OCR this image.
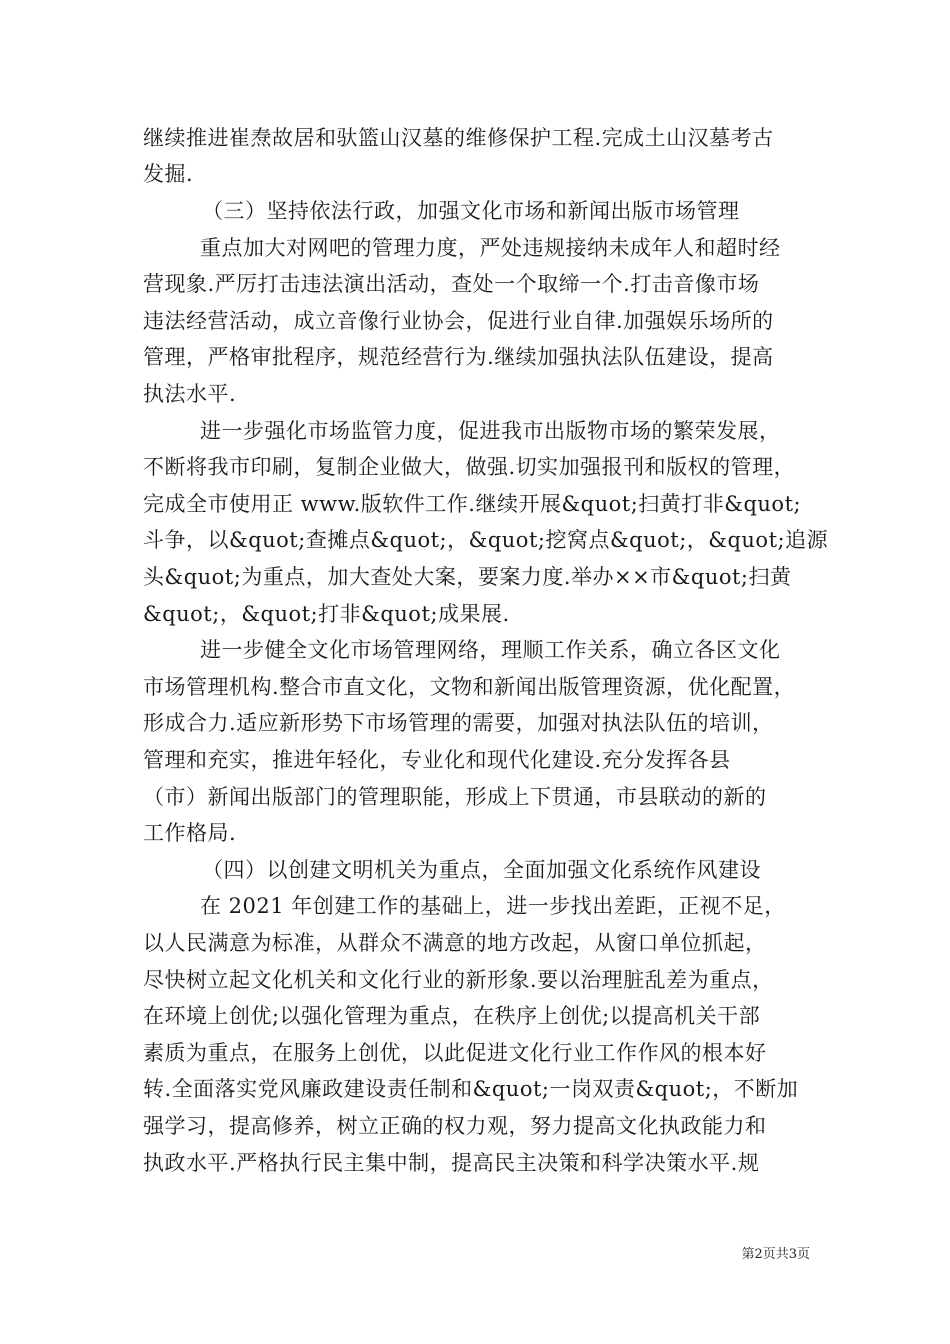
继续推进崔焘故居和驮篮山汉墓的维修保护工程.完成土山汉墓考古
发掘.
（三）坚持依法行政，加强文化市场和新闻出版市场管理
重点加大对网吧的管理力度，严处违规接纳未成年人和超时经
营现象.严厉打击违法演出活动，查处一个取缔一个.打击音像市场
违法经营活动，成立音像行业协会，促进行业自律.加强娱乐场所的
管理，严格审批程序，规范经营行为.继续加强执法队伍建设，提高
执法水平.
进一步强化市场监管力度，促进我市出版物市场的繁荣发展，
不断将我市印刷，复制企业做大，做强.切实加强报刊和版权的管理，
完成全市使用正 www.版软件工作.继续开展&quot;扫黄打非&quot;
斗争，以&quot;查摊点&quot;，&quot;挖窝点&quot;，&quot;追源
头&quot;为重点，加大查处大案，要案力度.举办××市&quot;扫黄
&quot;，&quot;打非&quot;成果展.
进一步健全文化市场管理网络，理顺工作关系，确立各区文化
市场管理机构.整合市直文化，文物和新闻出版管理资源，优化配置，
形成合力.适应新形势下市场管理的需要，加强对执法队伍的培训，
管理和充实，推进年轻化，专业化和现代化建设.充分发挥各县
（市）新闻出版部门的管理职能，形成上下贯通，市县联动的新的
工作格局.
（四）以创建文明机关为重点，全面加强文化系统作风建设
在 2021 年创建工作的基础上，进一步找出差距，正视不足，
以人民满意为标准，从群众不满意的地方改起，从窗口单位抓起，
尽快树立起文化机关和文化行业的新形象.要以治理脏乱差为重点，
在环境上创优;以强化管理为重点，在秩序上创优;以提高机关干部
素质为重点，在服务上创优，以此促进文化行业工作作风的根本好
转.全面落实党风廉政建设责任制和&quot;一岗双责&quot;，不断加
强学习，提高修养，树立正确的权力观，努力提高文化执政能力和
执政水平.严格执行民主集中制，提高民主决策和科学决策水平.规
第2页共3页
